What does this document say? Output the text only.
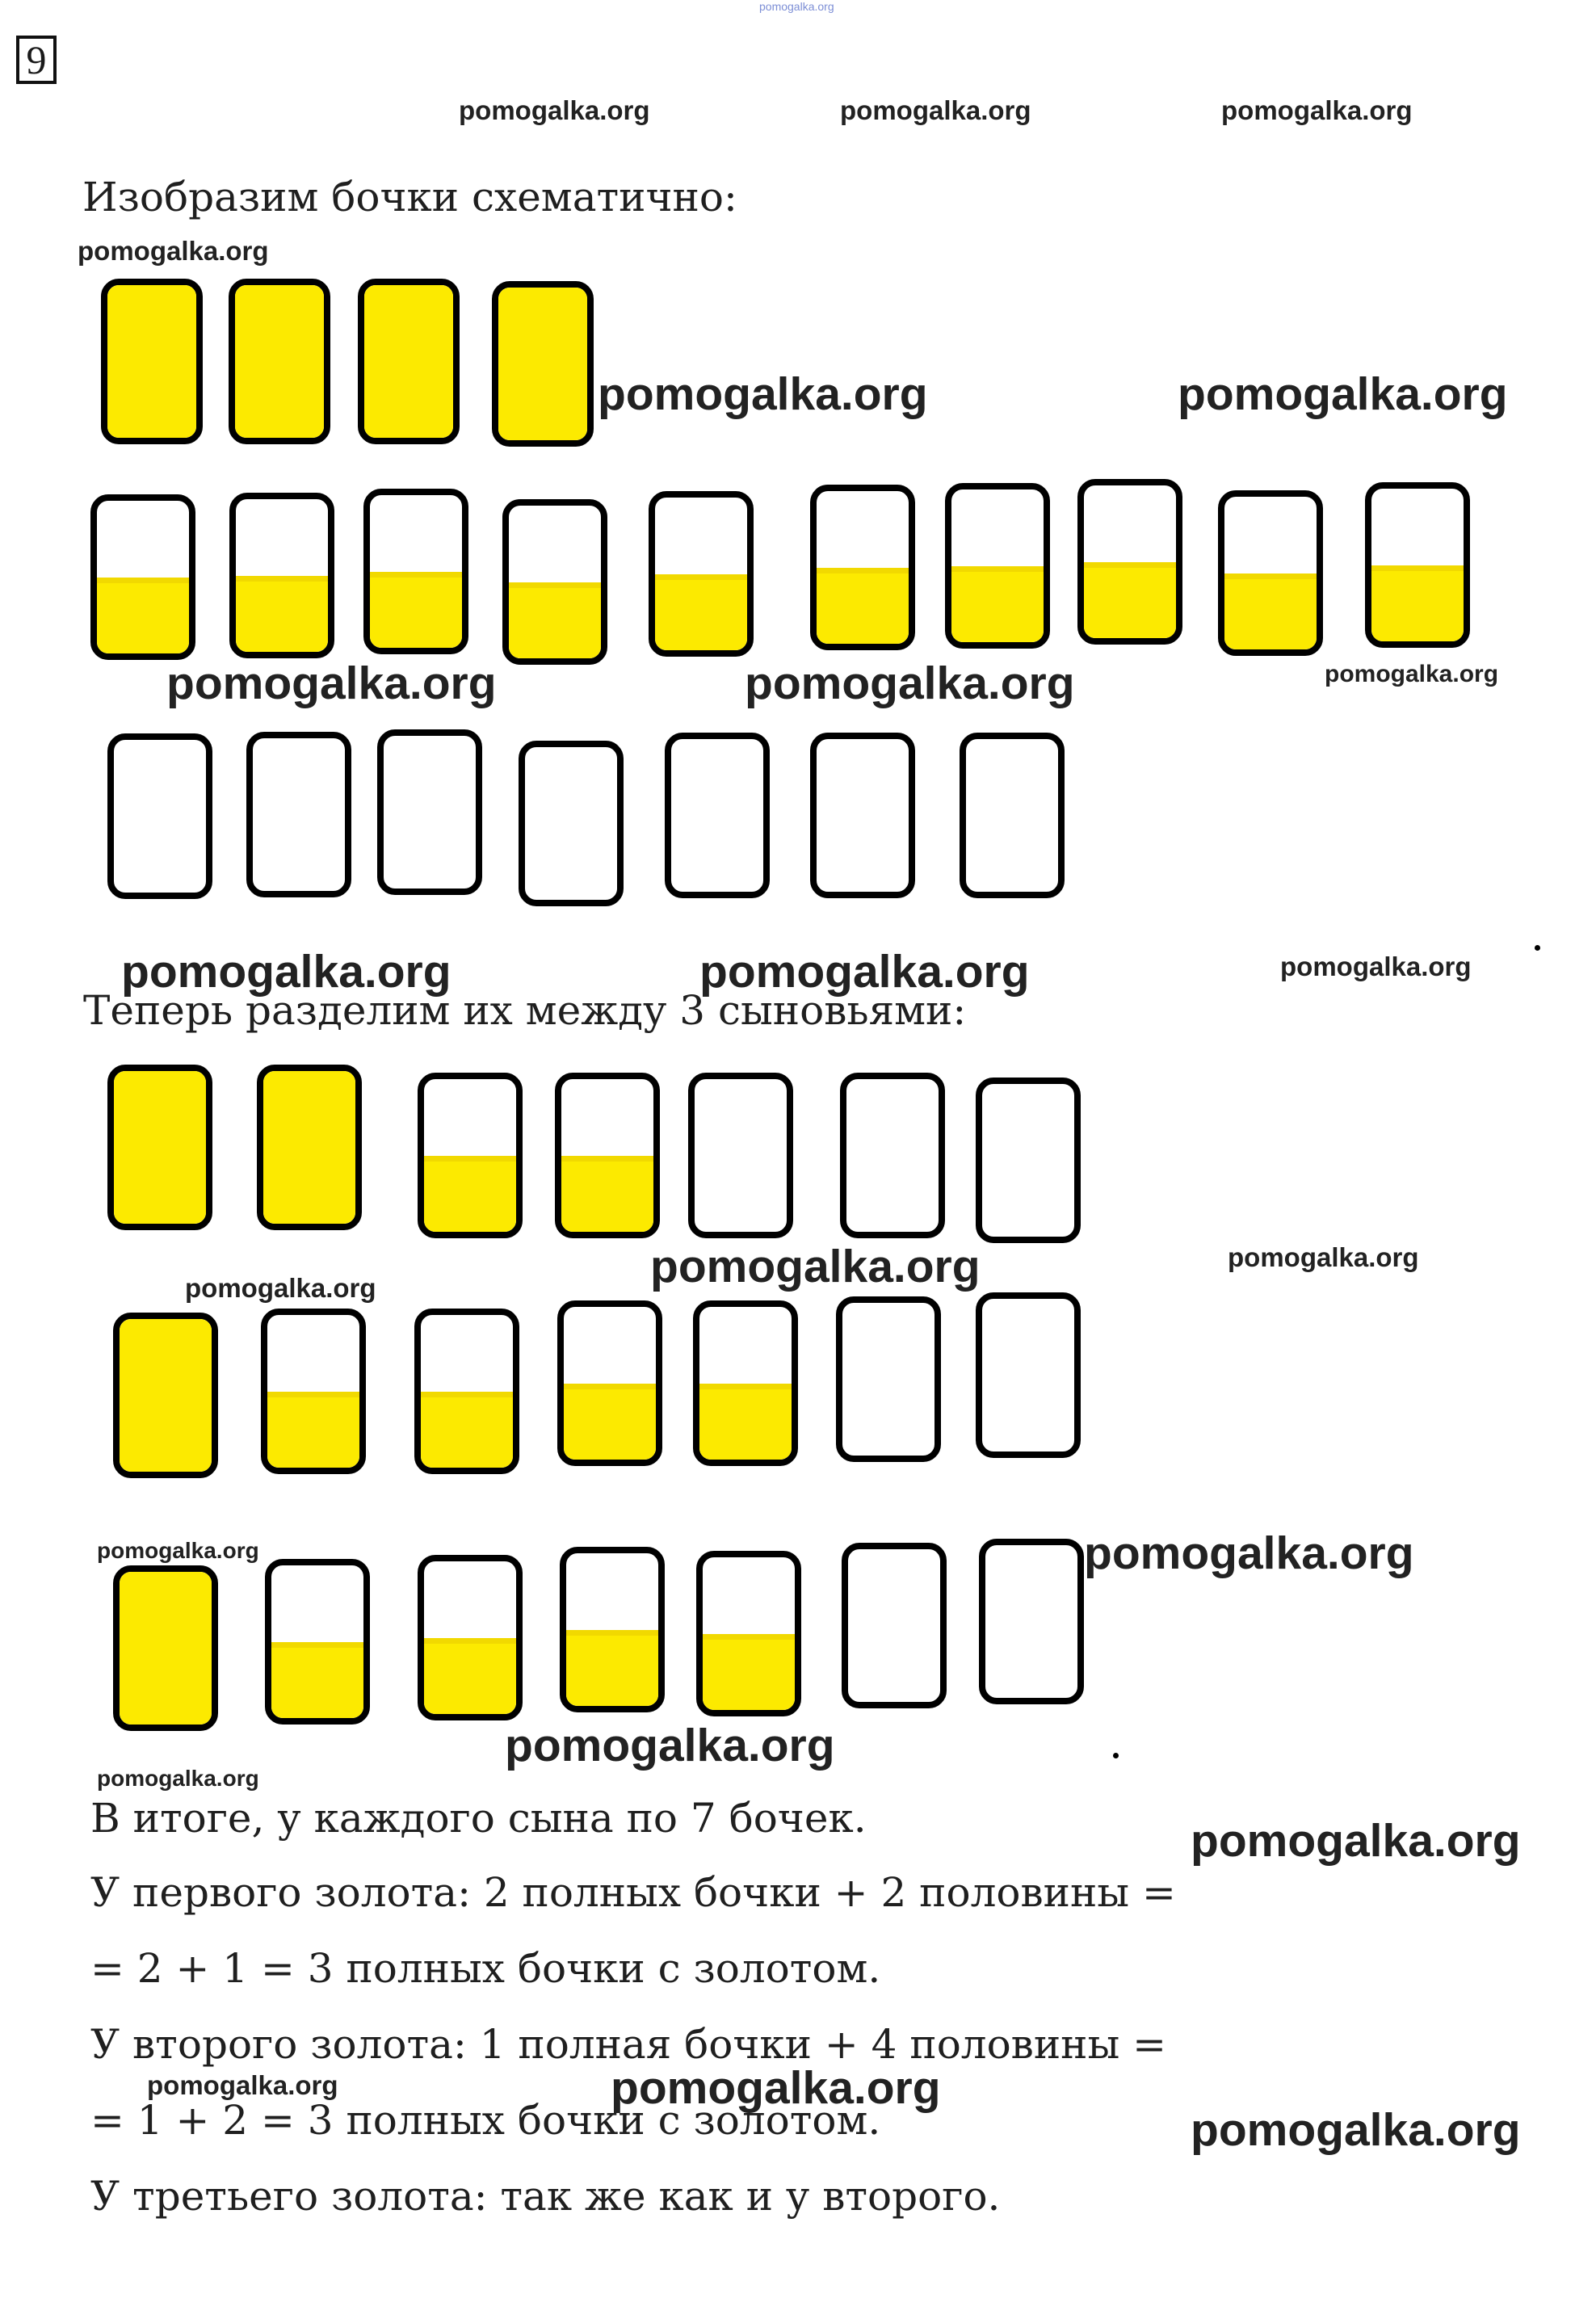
9
pomogalka.org
pomogalka.org	pomogalka.org	pomogalka.org
Изобразим бочки схематично:
pomogalka.org
pomogalka.org	pomogalka.org
pomogalka.org	pomogalka.org	pomogalka.org
pomogalka.org	pomogalka.org	pomogalka.org
Теперь разделим их между 3 сыновьями:
pomogalka.org	pomogalka.org
pomogalka.org
pomogalka.org	pomogalka.org
pomogalka.org
pomogalka.org
В итоге, у каждого сына по 7 бочек.	pomogalka.org
У первого золота: 2 полных бочки + 2 половины =
= 2 + 1 = 3 полных бочки с золотом.
У второго золота: 1 полная бочки + 4 половины =
pomogalka.org	pomogalka.org
= 1 + 2 = 3 полных бочки с золотом.	pomogalka.org
У третьего золота: так же как и у второго.
